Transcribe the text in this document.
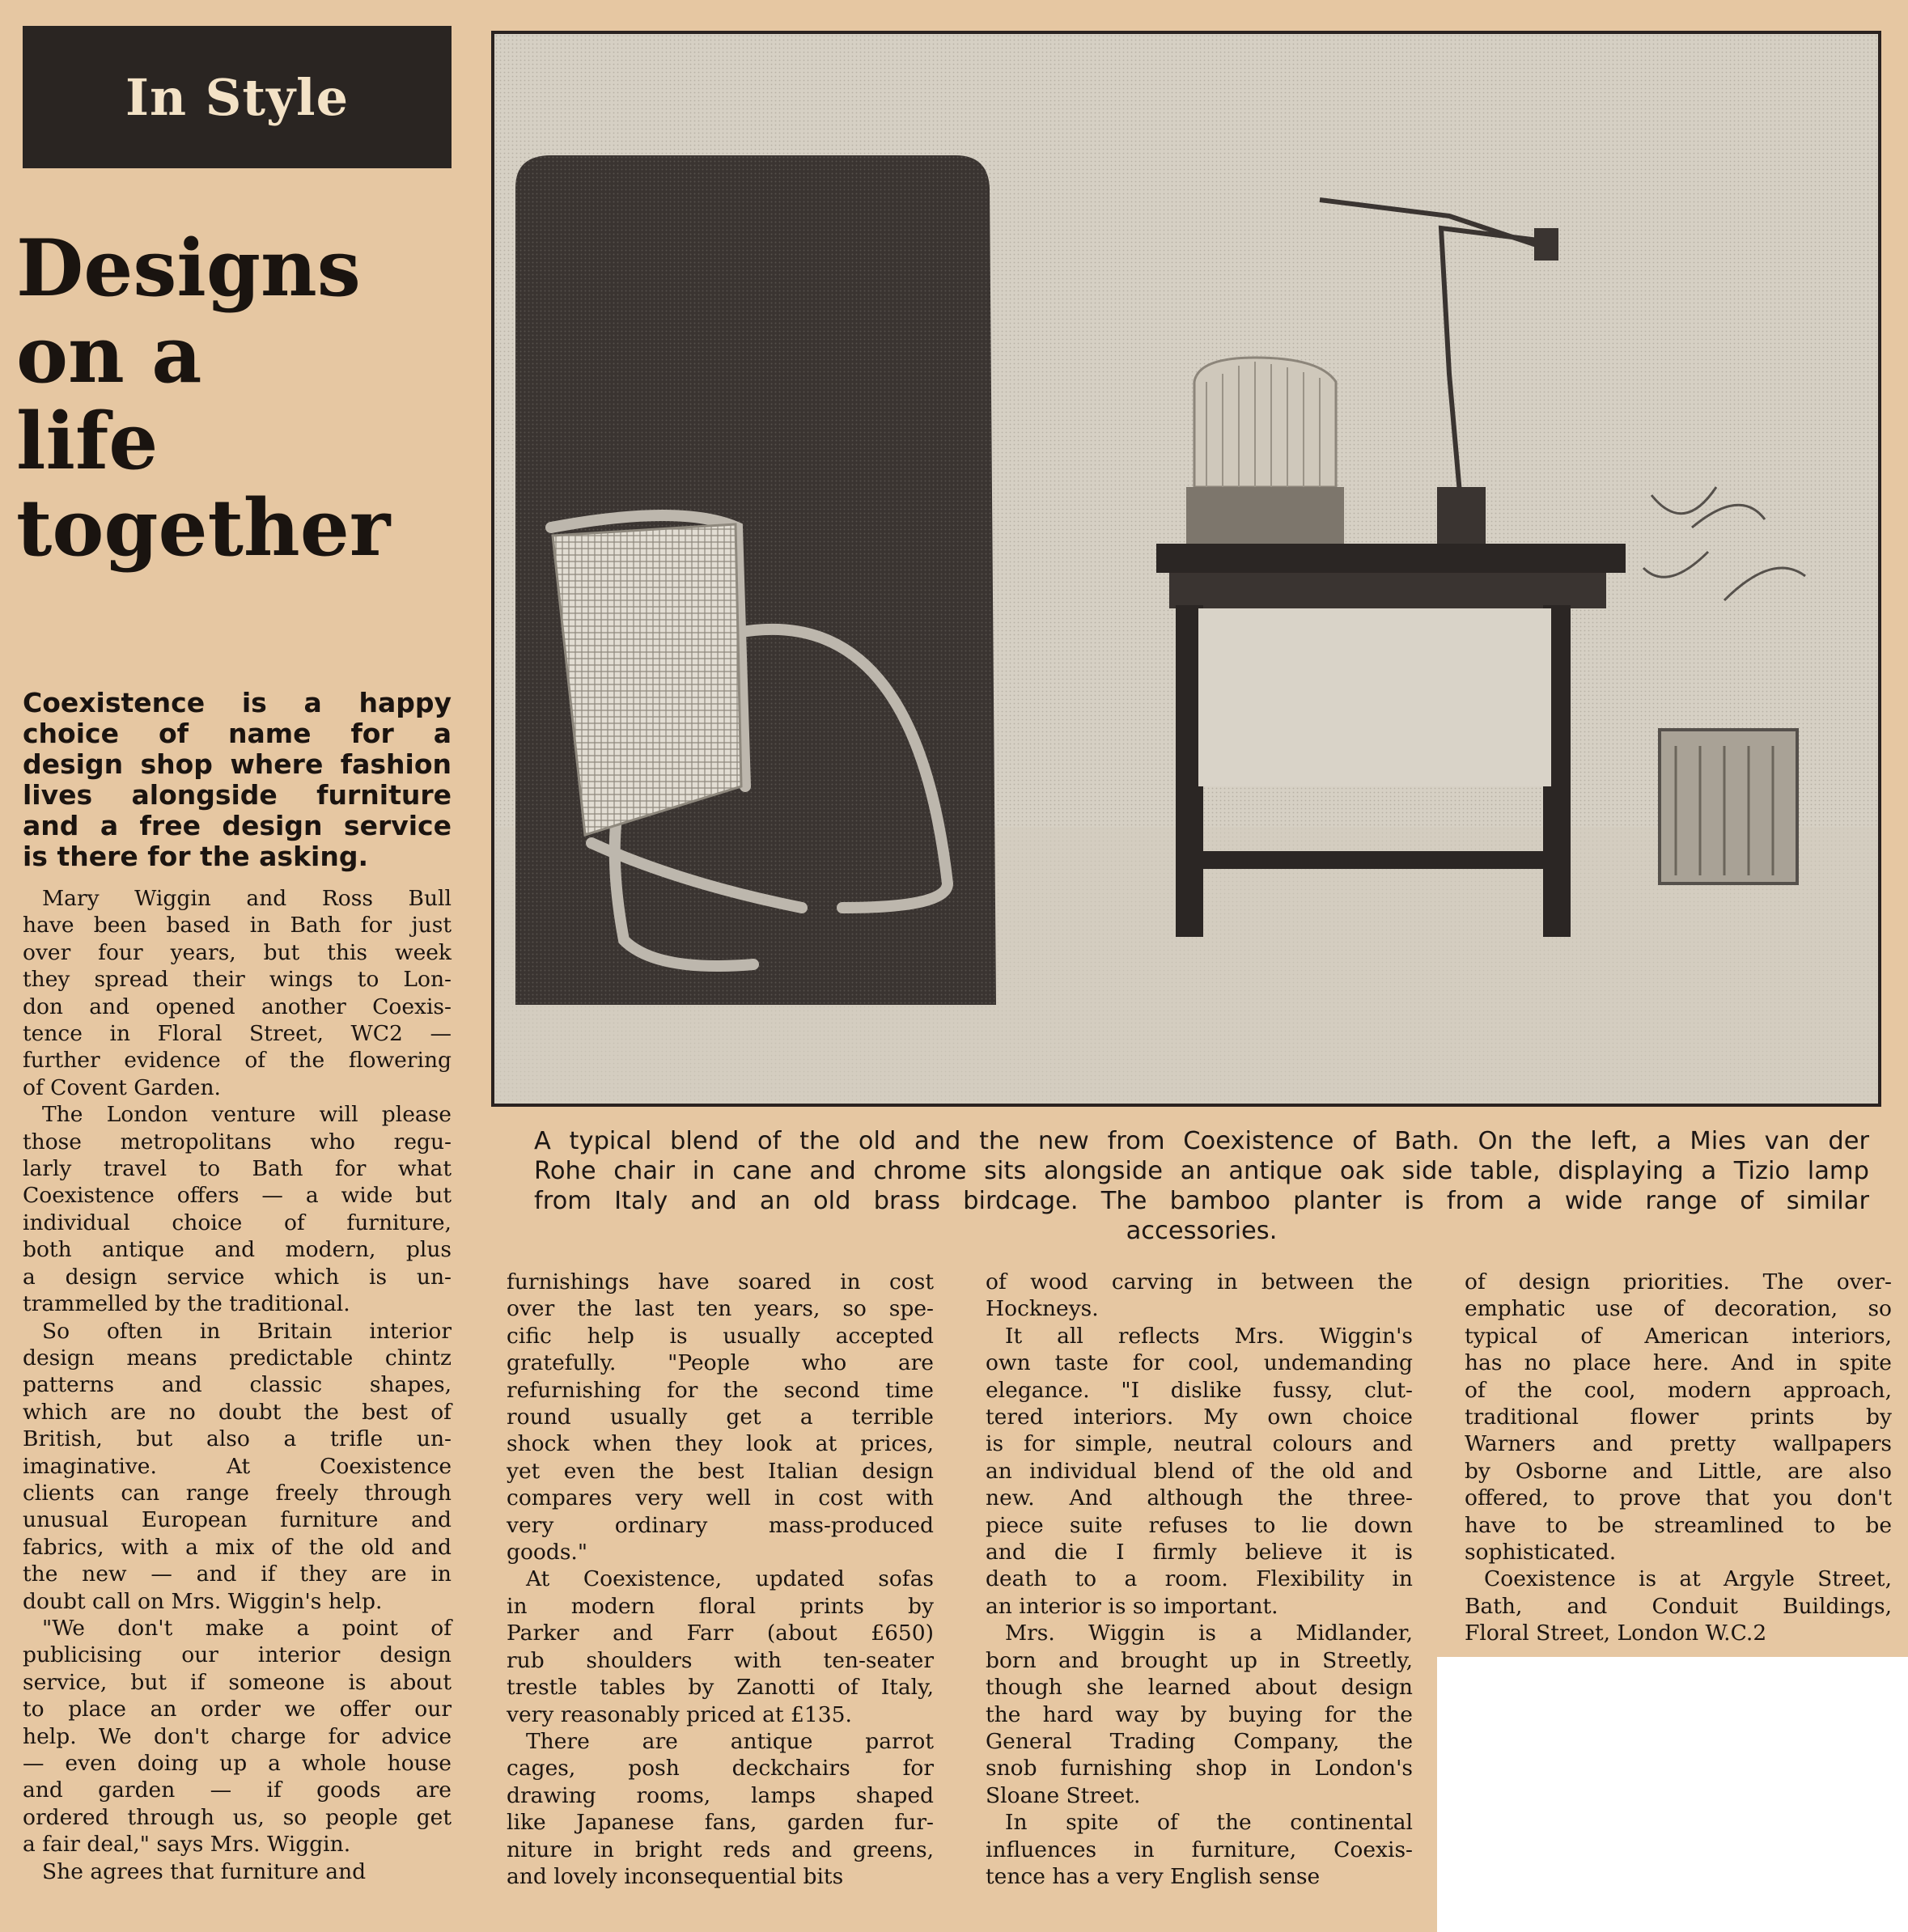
In Style
Designs
on a
life
together
Coexistence is a happy
choice of name for a
design shop where fashion
lives alongside furniture
and a free design service
is there for the asking.
A typical blend of the old and the new from Coexistence of Bath. On the left, a Mies van der
Rohe chair in cane and chrome sits alongside an antique oak side table, displaying a Tizio lamp
from Italy and an old brass birdcage. The bamboo planter is from a wide range of similar
accessories.
Mary Wiggin and Ross Bull
have been based in Bath for just
over four years, but this week
they spread their wings to Lon-
don and opened another Coexis-
tence in Floral Street, WC2 —
further evidence of the flowering
of Covent Garden.
The London venture will please
those metropolitans who regu-
larly travel to Bath for what
Coexistence offers — a wide but
individual choice of furniture,
both antique and modern, plus
a design service which is un-
trammelled by the traditional.
So often in Britain interior
design means predictable chintz
patterns and classic shapes,
which are no doubt the best of
British, but also a trifle un-
imaginative. At Coexistence
clients can range freely through
unusual European furniture and
fabrics, with a mix of the old and
the new — and if they are in
doubt call on Mrs. Wiggin's help.
"We don't make a point of
publicising our interior design
service, but if someone is about
to place an order we offer our
help. We don't charge for advice
— even doing up a whole house
and garden — if goods are
ordered through us, so people get
a fair deal," says Mrs. Wiggin.
She agrees that furniture and
furnishings have soared in cost
over the last ten years, so spe-
cific help is usually accepted
gratefully. "People who are
refurnishing for the second time
round usually get a terrible
shock when they look at prices,
yet even the best Italian design
compares very well in cost with
very ordinary mass-produced
goods."
At Coexistence, updated sofas
in modern floral prints by
Parker and Farr (about £650)
rub shoulders with ten-seater
trestle tables by Zanotti of Italy,
very reasonably priced at £135.
There are antique parrot
cages, posh deckchairs for
drawing rooms, lamps shaped
like Japanese fans, garden fur-
niture in bright reds and greens,
and lovely inconsequential bits
of wood carving in between the
Hockneys.
It all reflects Mrs. Wiggin's
own taste for cool, undemanding
elegance. "I dislike fussy, clut-
tered interiors. My own choice
is for simple, neutral colours and
an individual blend of the old and
new. And although the three-
piece suite refuses to lie down
and die I firmly believe it is
death to a room. Flexibility in
an interior is so important.
Mrs. Wiggin is a Midlander,
born and brought up in Streetly,
though she learned about design
the hard way by buying for the
General Trading Company, the
snob furnishing shop in London's
Sloane Street.
In spite of the continental
influences in furniture, Coexis-
tence has a very English sense
of design priorities. The over-
emphatic use of decoration, so
typical of American interiors,
has no place here. And in spite
of the cool, modern approach,
traditional flower prints by
Warners and pretty wallpapers
by Osborne and Little, are also
offered, to prove that you don't
have to be streamlined to be
sophisticated.
Coexistence is at Argyle Street,
Bath, and Conduit Buildings,
Floral Street, London W.C.2
